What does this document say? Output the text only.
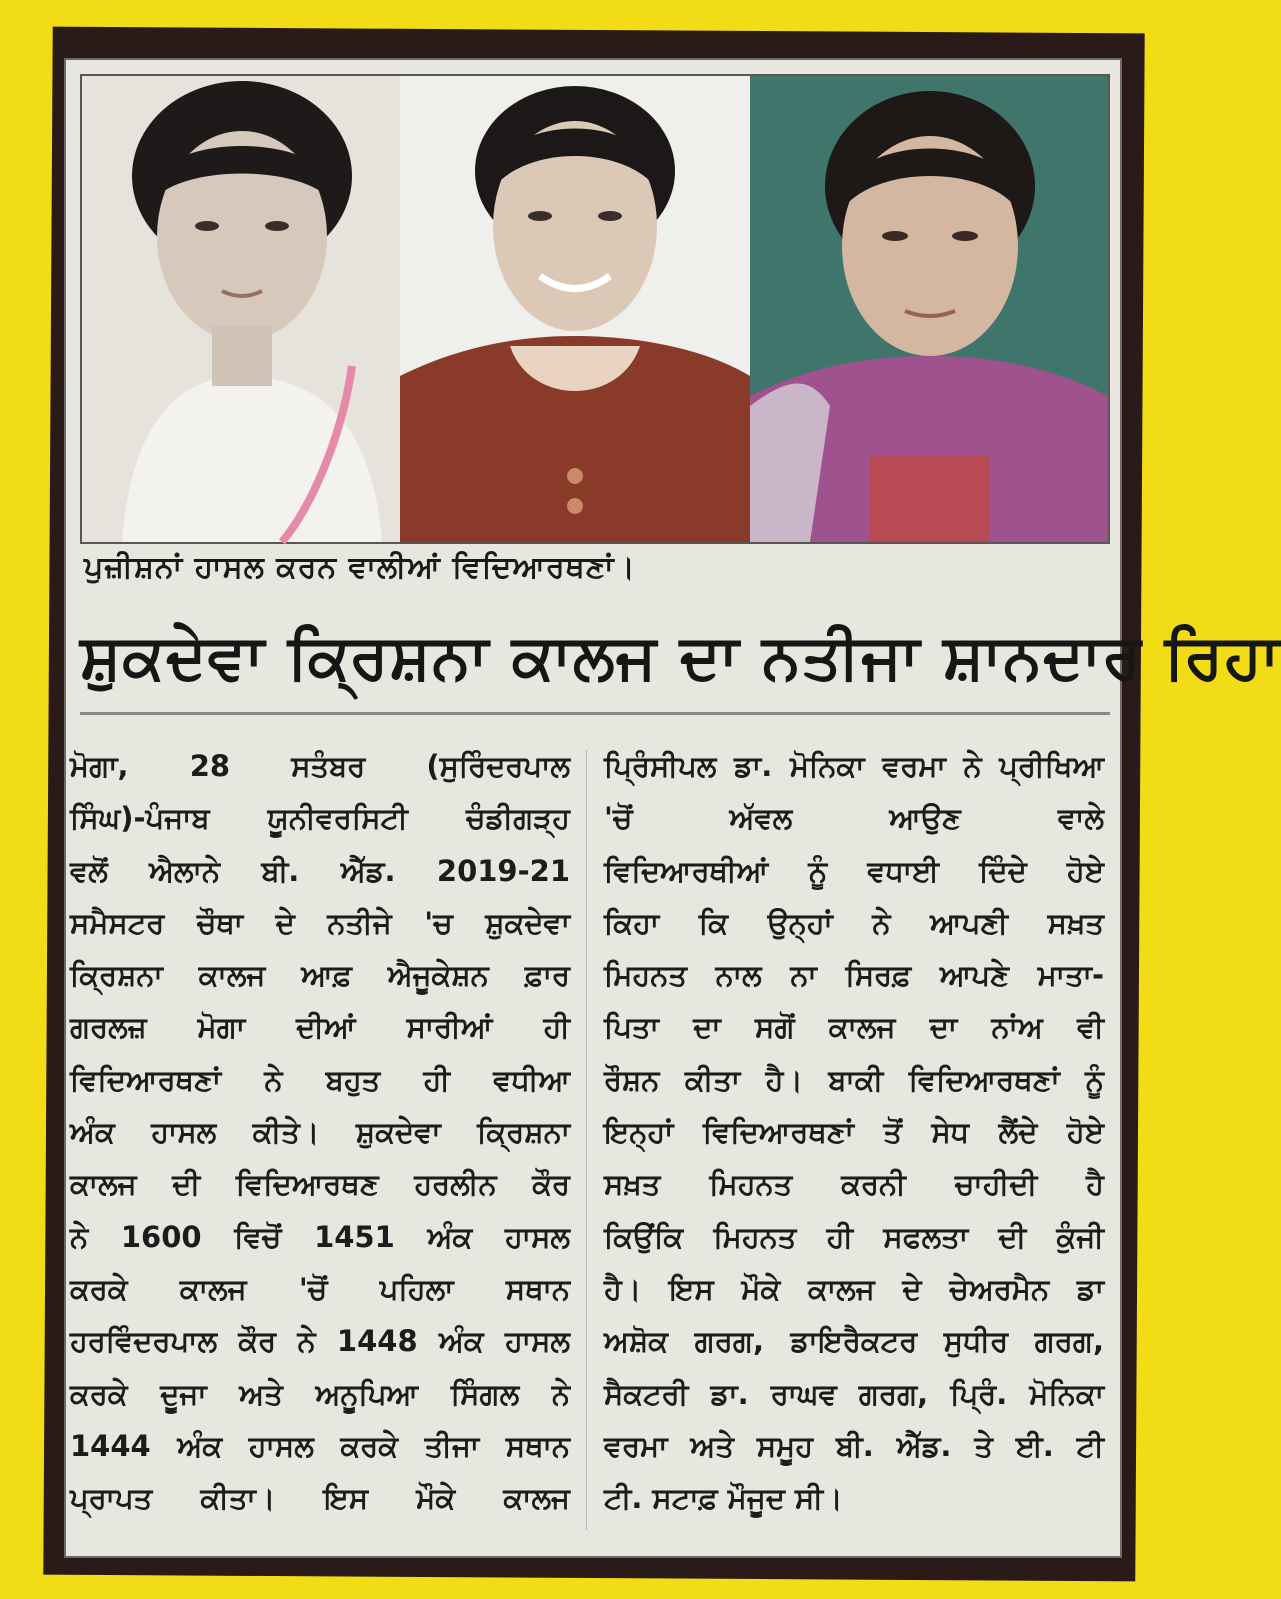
ਪੁਜ਼ੀਸ਼ਨਾਂ ਹਾਸਲ ਕਰਨ ਵਾਲੀਆਂ ਵਿਦਿਆਰਥਣਾਂ।
ਸ਼ੁਕਦੇਵਾ ਕ੍ਰਿਸ਼ਨਾ ਕਾਲਜ ਦਾ ਨਤੀਜਾ ਸ਼ਾਨਦਾਰ ਰਿਹਾ

ਮੋਗਾ, 28 ਸਤੰਬਰ (ਸੁਰਿੰਦਰਪਾਲ

ਸਿੰਘ)-ਪੰਜਾਬ ਯੂਨੀਵਰਸਿਟੀ ਚੰਡੀਗੜ੍ਹ

ਵਲੋਂ ਐਲਾਨੇ ਬੀ. ਐੱਡ. 2019-21

ਸਮੈਸਟਰ ਚੌਥਾ ਦੇ ਨਤੀਜੇ 'ਚ ਸ਼ੁਕਦੇਵਾ

ਕ੍ਰਿਸ਼ਨਾ ਕਾਲਜ ਆਫ਼ ਐਜੂਕੇਸ਼ਨ ਫ਼ਾਰ

ਗਰਲਜ਼ ਮੋਗਾ ਦੀਆਂ ਸਾਰੀਆਂ ਹੀ

ਵਿਦਿਆਰਥਣਾਂ ਨੇ ਬਹੁਤ ਹੀ ਵਧੀਆ

ਅੰਕ ਹਾਸਲ ਕੀਤੇ। ਸ਼ੁਕਦੇਵਾ ਕ੍ਰਿਸ਼ਨਾ

ਕਾਲਜ ਦੀ ਵਿਦਿਆਰਥਣ ਹਰਲੀਨ ਕੌਰ

ਨੇ 1600 ਵਿਚੋਂ 1451 ਅੰਕ ਹਾਸਲ

ਕਰਕੇ ਕਾਲਜ 'ਚੋਂ ਪਹਿਲਾ ਸਥਾਨ

ਹਰਵਿੰਦਰਪਾਲ ਕੌਰ ਨੇ 1448 ਅੰਕ ਹਾਸਲ

ਕਰਕੇ ਦੂਜਾ ਅਤੇ ਅਨੂਪਿਆ ਸਿੰਗਲ ਨੇ

1444 ਅੰਕ ਹਾਸਲ ਕਰਕੇ ਤੀਜਾ ਸਥਾਨ

ਪ੍ਰਾਪਤ ਕੀਤਾ। ਇਸ ਮੌਕੇ ਕਾਲਜ

ਪ੍ਰਿੰਸੀਪਲ ਡਾ. ਮੋਨਿਕਾ ਵਰਮਾ ਨੇ ਪ੍ਰੀਖਿਆ

'ਚੋਂ ਅੱਵਲ ਆਉਣ ਵਾਲੇ

ਵਿਦਿਆਰਥੀਆਂ ਨੂੰ ਵਧਾਈ ਦਿੰਦੇ ਹੋਏ

ਕਿਹਾ ਕਿ ਉਨ੍ਹਾਂ ਨੇ ਆਪਣੀ ਸਖ਼ਤ

ਮਿਹਨਤ ਨਾਲ ਨਾ ਸਿਰਫ਼ ਆਪਣੇ ਮਾਤਾ-

ਪਿਤਾ ਦਾ ਸਗੋਂ ਕਾਲਜ ਦਾ ਨਾਂਅ ਵੀ

ਰੌਸ਼ਨ ਕੀਤਾ ਹੈ। ਬਾਕੀ ਵਿਦਿਆਰਥਣਾਂ ਨੂੰ

ਇਨ੍ਹਾਂ ਵਿਦਿਆਰਥਣਾਂ ਤੋਂ ਸੇਧ ਲੈਂਦੇ ਹੋਏ

ਸਖ਼ਤ ਮਿਹਨਤ ਕਰਨੀ ਚਾਹੀਦੀ ਹੈ

ਕਿਉਂਕਿ ਮਿਹਨਤ ਹੀ ਸਫਲਤਾ ਦੀ ਕੁੰਜੀ

ਹੈ। ਇਸ ਮੌਕੇ ਕਾਲਜ ਦੇ ਚੇਅਰਮੈਨ ਡਾ

ਅਸ਼ੋਕ ਗਰਗ, ਡਾਇਰੈਕਟਰ ਸੁਧੀਰ ਗਰਗ,

ਸੈਕਟਰੀ ਡਾ. ਰਾਘਵ ਗਰਗ, ਪ੍ਰਿੰ. ਮੋਨਿਕਾ

ਵਰਮਾ ਅਤੇ ਸਮੂਹ ਬੀ. ਐੱਡ. ਤੇ ਈ. ਟੀ

ਟੀ. ਸਟਾਫ਼ ਮੌਜੂਦ ਸੀ।
